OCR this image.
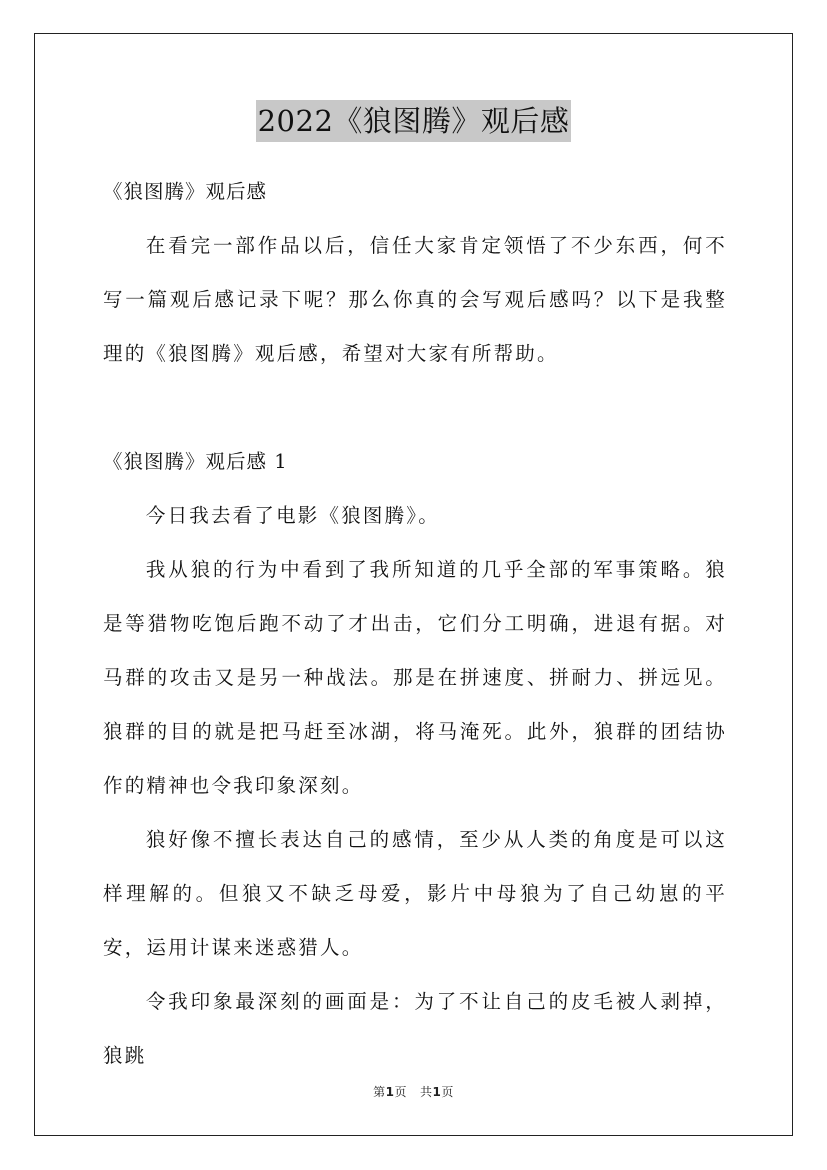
2022《狼图腾》观后感

《狼图腾》观后感

在看完一部作品以后，信任大家肯定领悟了不少东西，何不写一篇观后感记录下呢？那么你真的会写观后感吗？以下是我整理的《狼图腾》观后感，希望对大家有所帮助。

《狼图腾》观后感 1

今日我去看了电影《狼图腾》。

我从狼的行为中看到了我所知道的几乎全部的军事策略。狼是等猎物吃饱后跑不动了才出击，它们分工明确，进退有据。对马群的攻击又是另一种战法。那是在拼速度、拼耐力、拼远见。狼群的目的就是把马赶至冰湖，将马淹死。此外，狼群的团结协作的精神也令我印象深刻。

狼好像不擅长表达自己的感情，至少从人类的角度是可以这样理解的。但狼又不缺乏母爱，影片中母狼为了自己幼崽的平安，运用计谋来迷惑猎人。

令我印象最深刻的画面是：为了不让自己的皮毛被人剥掉，狼跳

第1页 共1页
